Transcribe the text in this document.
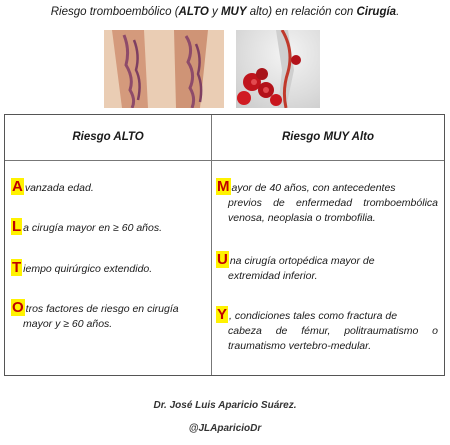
Riesgo tromboembólico (ALTO y MUY alto) en relación con Cirugía.
Riesgo ALTO	Riesgo MUY Alto
A vanzada edad.
L a cirugía mayor en ≥ 60 años.
T iempo quirúrgico extendido.
O tros factores de riesgo en cirugía
mayor y ≥ 60 años.
M ayor de 40 años, con antecedentes
previos de enfermedad tromboembólica venosa, neoplasia o trombofilia.
U na cirugía ortopédica mayor de
extremidad inferior.
Y , condiciones tales como fractura de
cabeza de fémur, politraumatismo o traumatismo vertebro-medular.
Dr. José Luis Aparicio Suárez.
@JLAparicioDr
